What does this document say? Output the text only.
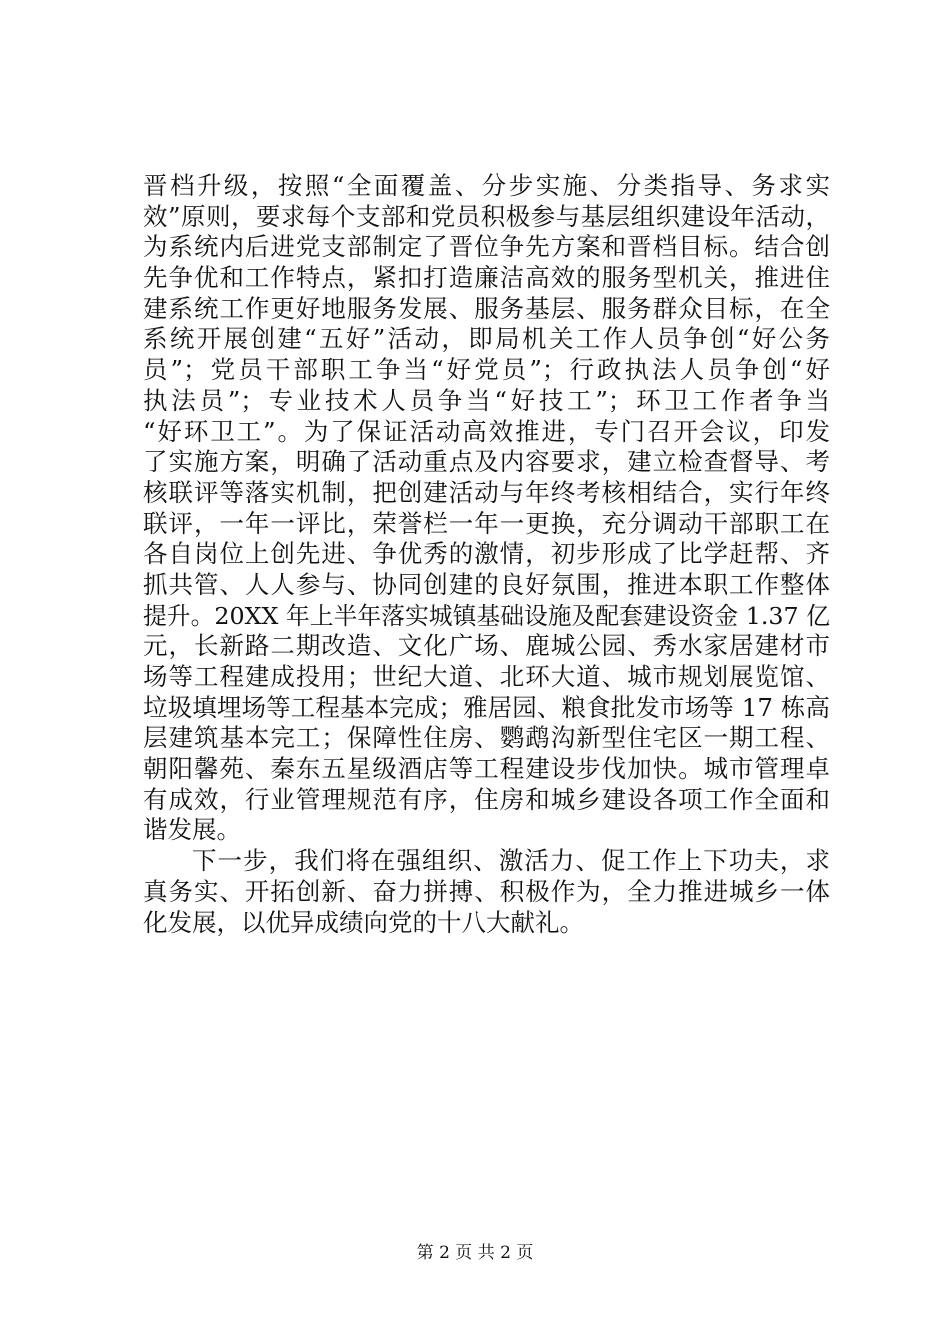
晋档升级，按照“全面覆盖、分步实施、分类指导、务求实
效”原则，要求每个支部和党员积极参与基层组织建设年活动，
为系统内后进党支部制定了晋位争先方案和晋档目标。结合创
先争优和工作特点，紧扣打造廉洁高效的服务型机关，推进住
建系统工作更好地服务发展、服务基层、服务群众目标，在全
系统开展创建“五好”活动，即局机关工作人员争创“好公务
员”；党员干部职工争当“好党员”；行政执法人员争创“好
执法员”；专业技术人员争当“好技工”；环卫工作者争当
“好环卫工”。为了保证活动高效推进，专门召开会议，印发
了实施方案，明确了活动重点及内容要求，建立检查督导、考
核联评等落实机制，把创建活动与年终考核相结合，实行年终
联评，一年一评比，荣誉栏一年一更换，充分调动干部职工在
各自岗位上创先进、争优秀的激情，初步形成了比学赶帮、齐
抓共管、人人参与、协同创建的良好氛围，推进本职工作整体
提升。20XX 年上半年落实城镇基础设施及配套建设资金 1.37 亿
元，长新路二期改造、文化广场、鹿城公园、秀水家居建材市
场等工程建成投用；世纪大道、北环大道、城市规划展览馆、
垃圾填埋场等工程基本完成；雅居园、粮食批发市场等 17 栋高
层建筑基本完工；保障性住房、鹦鹉沟新型住宅区一期工程、
朝阳馨苑、秦东五星级酒店等工程建设步伐加快。城市管理卓
有成效，行业管理规范有序，住房和城乡建设各项工作全面和
谐发展。
下一步，我们将在强组织、激活力、促工作上下功夫，求
真务实、开拓创新、奋力拼搏、积极作为，全力推进城乡一体
化发展，以优异成绩向党的十八大献礼。
第 2 页 共 2 页
